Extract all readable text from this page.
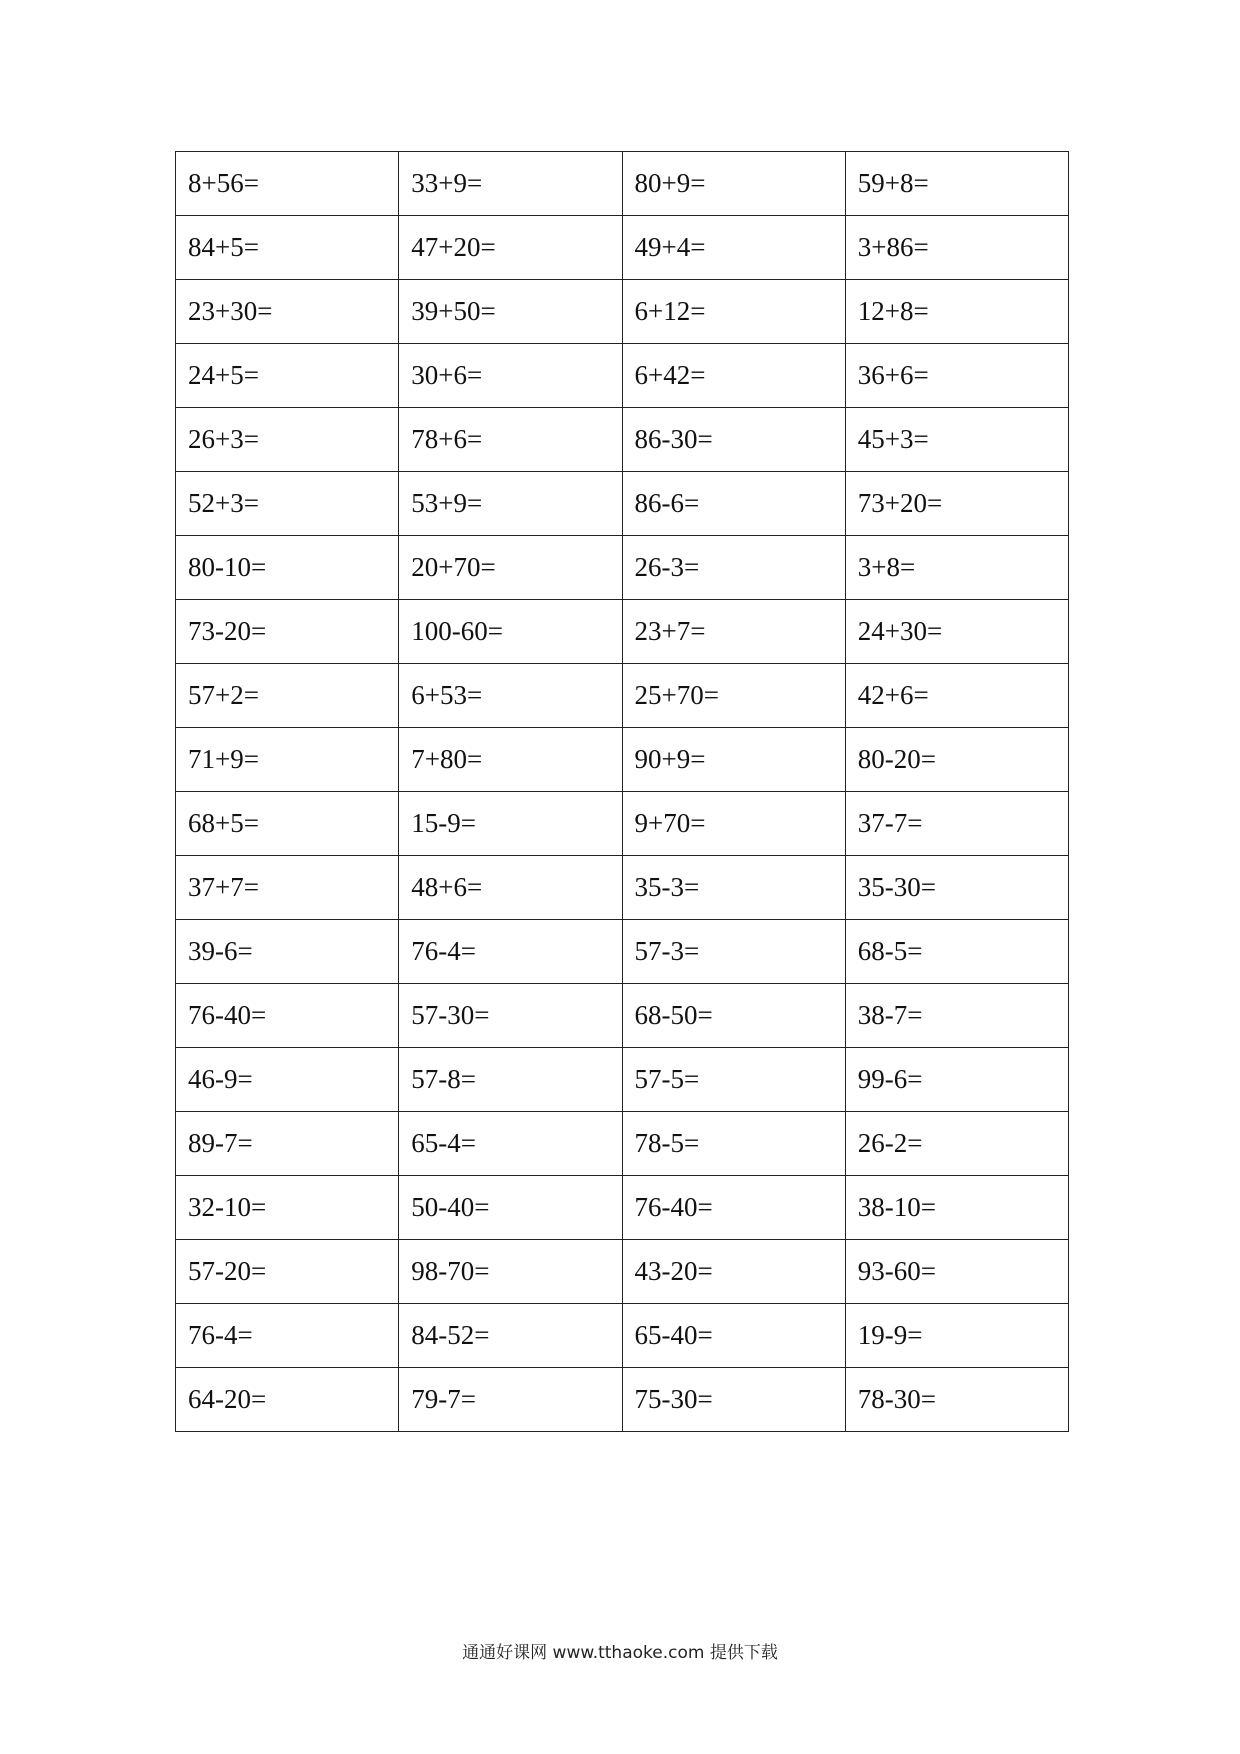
8+56=	33+9=	80+9=	59+8=
84+5=	47+20=	49+4=	3+86=
23+30=	39+50=	6+12=	12+8=
24+5=	30+6=	6+42=	36+6=
26+3=	78+6=	86-30=	45+3=
52+3=	53+9=	86-6=	73+20=
80-10=	20+70=	26-3=	3+8=
73-20=	100-60=	23+7=	24+30=
57+2=	6+53=	25+70=	42+6=
71+9=	7+80=	90+9=	80-20=
68+5=	15-9=	9+70=	37-7=
37+7=	48+6=	35-3=	35-30=
39-6=	76-4=	57-3=	68-5=
76-40=	57-30=	68-50=	38-7=
46-9=	57-8=	57-5=	99-6=
89-7=	65-4=	78-5=	26-2=
32-10=	50-40=	76-40=	38-10=
57-20=	98-70=	43-20=	93-60=
76-4=	84-52=	65-40=	19-9=
64-20=	79-7=	75-30=	78-30=
通通好课网 www.tthaoke.com 提供下载
